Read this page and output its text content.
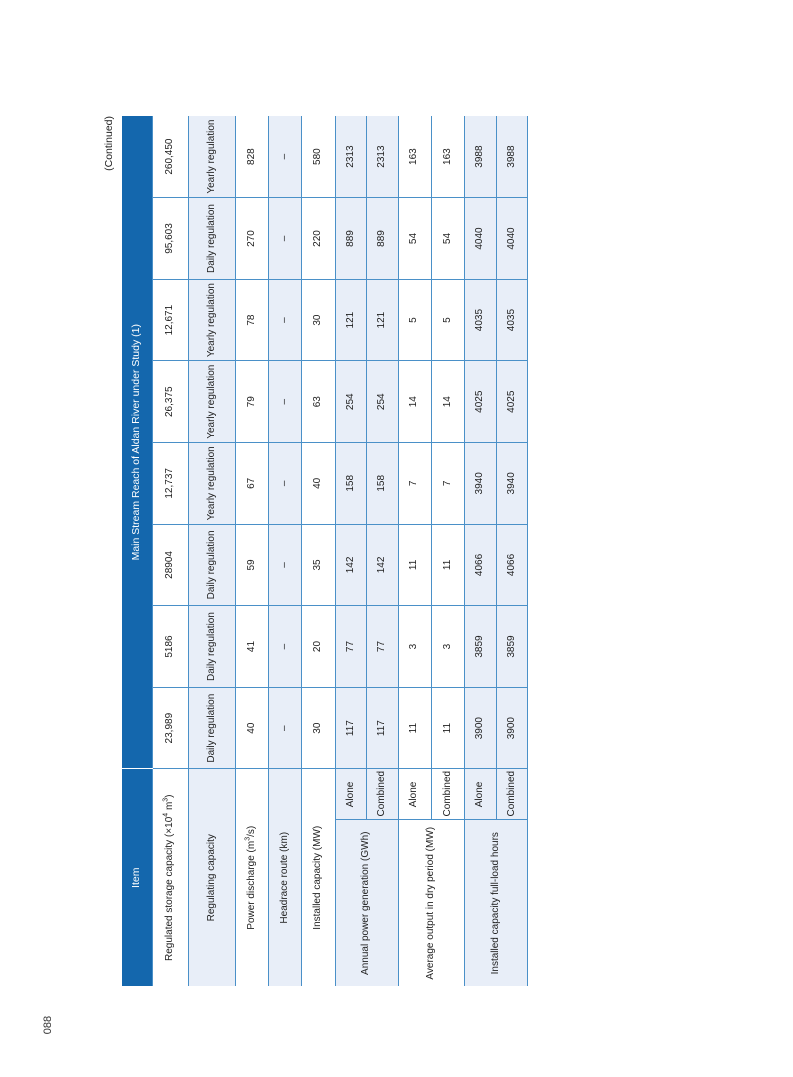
088
(Continued)
Item		Main Stream Reach of Aldan River under Study (1)							
Regulated storage capacity ($\times 10^4$ $m^3$)		23,989	5186	28904	12,737	26,375	12,671	95,603	260,450
Regulating capacity		Daily regulation	Daily regulation	Daily regulation	Yearly regulation	Yearly regulation	Yearly regulation	Daily regulation	Yearly regulation
Power discharge $(m^3/s)$		40	41	59	67	79	78	270	828
Headrace route (km)		–	–	–	–	–	–	–	–
Installed capacity (MW)		30	20	35	40	63	30	220	580
Annual power generation (GWh)	Alone	117	77	142	158	254	121	889	2313
	Combined	117	77	142	158	254	121	889	2313
Average output in dry period (MW)	Alone	11	3	11	7	14	5	54	163
	Combined	11	3	11	7	14	5	54	163
Installed capacity full-load hours	Alone	3900	3859	4066	3940	4025	4035	4040	3988
	Combined	3900	3859	4066	3940	4025	4035	4040	3988
